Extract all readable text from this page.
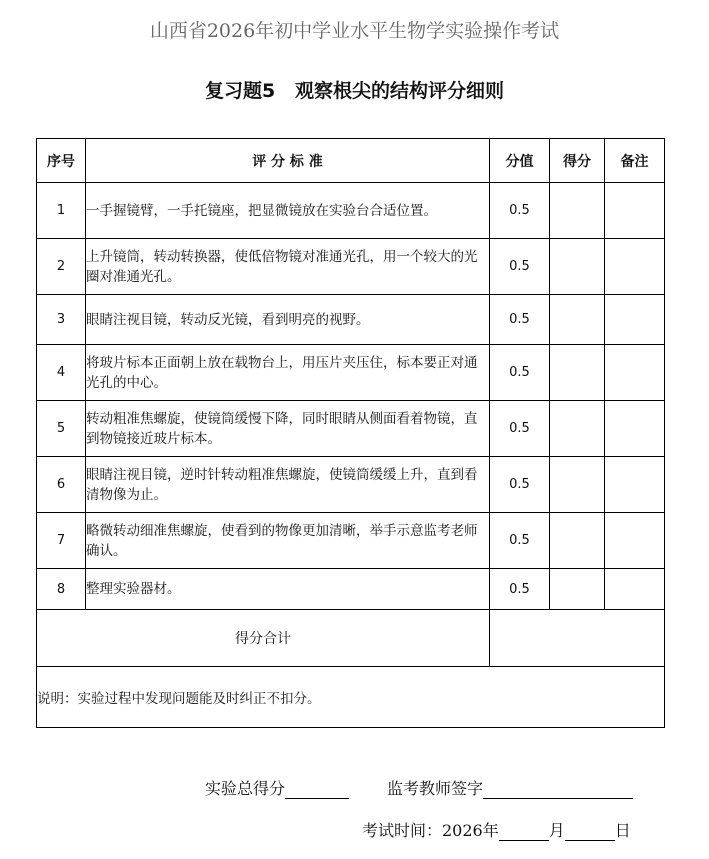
山西省2026年初中学业水平生物学实验操作考试
复习题5   观察根尖的结构评分细则
序号	评 分 标 准	分值	得分	备注
1	一手握镜臂，一手托镜座，把显微镜放在实验台合适位置。	0.5		
2	上升镜筒，转动转换器，使低倍物镜对准通光孔，用一个较大的光圈对准通光孔。	0.5		
3	眼睛注视目镜，转动反光镜，看到明亮的视野。	0.5		
4	将玻片标本正面朝上放在载物台上，用压片夹压住，标本要正对通光孔的中心。	0.5		
5	转动粗准焦螺旋，使镜筒缓慢下降，同时眼睛从侧面看着物镜，直到物镜接近玻片标本。	0.5		
6	眼睛注视目镜，逆时针转动粗准焦螺旋，使镜筒缓缓上升，直到看清物像为止。	0.5		
7	略微转动细准焦螺旋，使看到的物像更加清晰，举手示意监考老师确认。	0.5		
8	整理实验器材。	0.5		
得分合计				
说明：实验过程中发现问题能及时纠正不扣分。				
实验总得分	监考教师签字
考试时间：2026年	月	日
